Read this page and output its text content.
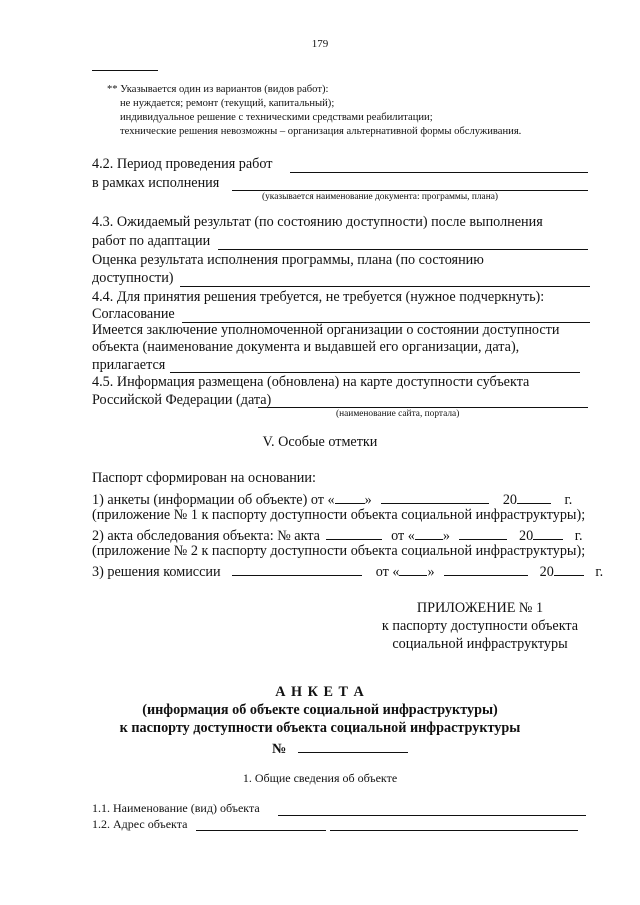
179
** Указывается один из вариантов (видов работ):
не нуждается; ремонт (текущий, капитальный);
индивидуальное решение с техническими средствами реабилитации;
технические решения невозможны – организация альтернативной формы обслуживания.
4.2. Период проведения работ
в рамках исполнения
(указывается наименование документа: программы, плана)
4.3. Ожидаемый результат (по состоянию доступности) после выполнения
работ по адаптации
Оценка результата исполнения программы, плана (по состоянию
доступности)
4.4. Для принятия решения требуется, не требуется (нужное подчеркнуть):
Согласование
Имеется заключение уполномоченной организации о состоянии доступности
объекта (наименование документа и выдавшей его организации, дата),
прилагается
4.5. Информация размещена (обновлена) на карте доступности субъекта
Российской Федерации (дата)
(наименование сайта, портала)
V. Особые отметки
Паспорт сформирован на основании:
1) анкеты (информации об объекте) от « »	20	г.
(приложение № 1 к паспорту доступности объекта социальной инфраструктуры);
2) акта обследования объекта: № акта	от « »	20	г.
(приложение № 2 к паспорту доступности объекта социальной инфраструктуры);
3) решения комиссии	от « »	20	г.
ПРИЛОЖЕНИЕ № 1
к паспорту доступности объекта
социальной инфраструктуры
А Н К Е Т А
(информация об объекте социальной инфраструктуры)
к паспорту доступности объекта социальной инфраструктуры
№
1. Общие сведения об объекте
1.1. Наименование (вид) объекта
1.2. Адрес объекта
